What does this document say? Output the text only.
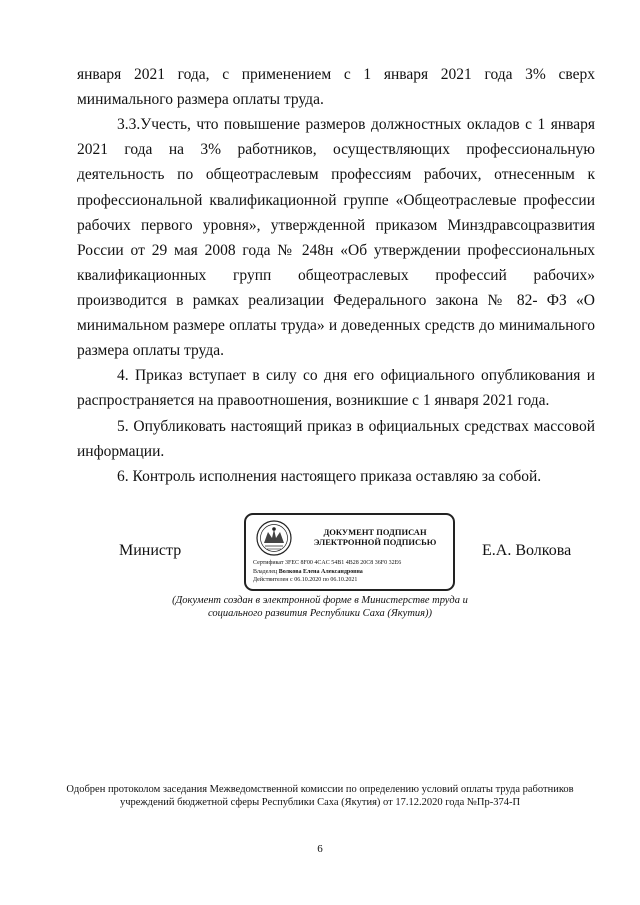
января 2021 года, с применением с 1 января 2021 года 3% сверх минимального размера оплаты труда.

3.3.Учесть, что повышение размеров должностных окладов с 1 января 2021 года на 3% работников, осуществляющих профессиональную деятельность по общеотраслевым профессиям рабочих, отнесенным к профессиональной квалификационной группе «Общеотраслевые профессии рабочих первого уровня», утвержденной приказом Минздравсоцразвития России от 29 мая 2008 года № 248н «Об утверждении профессиональных квалификационных групп общеотраслевых профессий рабочих» производится в рамках реализации Федерального закона № 82- ФЗ «О минимальном размере оплаты труда» и доведенных средств до минимального размера оплаты труда.

4. Приказ вступает в силу со дня его официального опубликования и распространяется на правоотношения, возникшие с 1 января 2021 года.

5. Опубликовать настоящий приказ в официальных средствах массовой информации.

6. Контроль исполнения настоящего приказа оставляю за собой.

Министр
ДОКУМЕНТ ПОДПИСАН
ЭЛЕКТРОННОЙ ПОДПИСЬЮ
Сертификат 3FEC 8F00 4CAC 54B1 4B28 20C8 36F0 32E6
Владелец Волкова Елена Александровна
Действителен с 06.10.2020 по 06.10.2021
Е.А. Волкова
(Документ создан в электронной форме в Министерстве труда и социального развития Республики Саха (Якутия))
Одобрен протоколом заседания Межведомственной комиссии по определению условий оплаты труда работников учреждений бюджетной сферы Республики Саха (Якутия) от 17.12.2020 года №Пр-374-П
6
